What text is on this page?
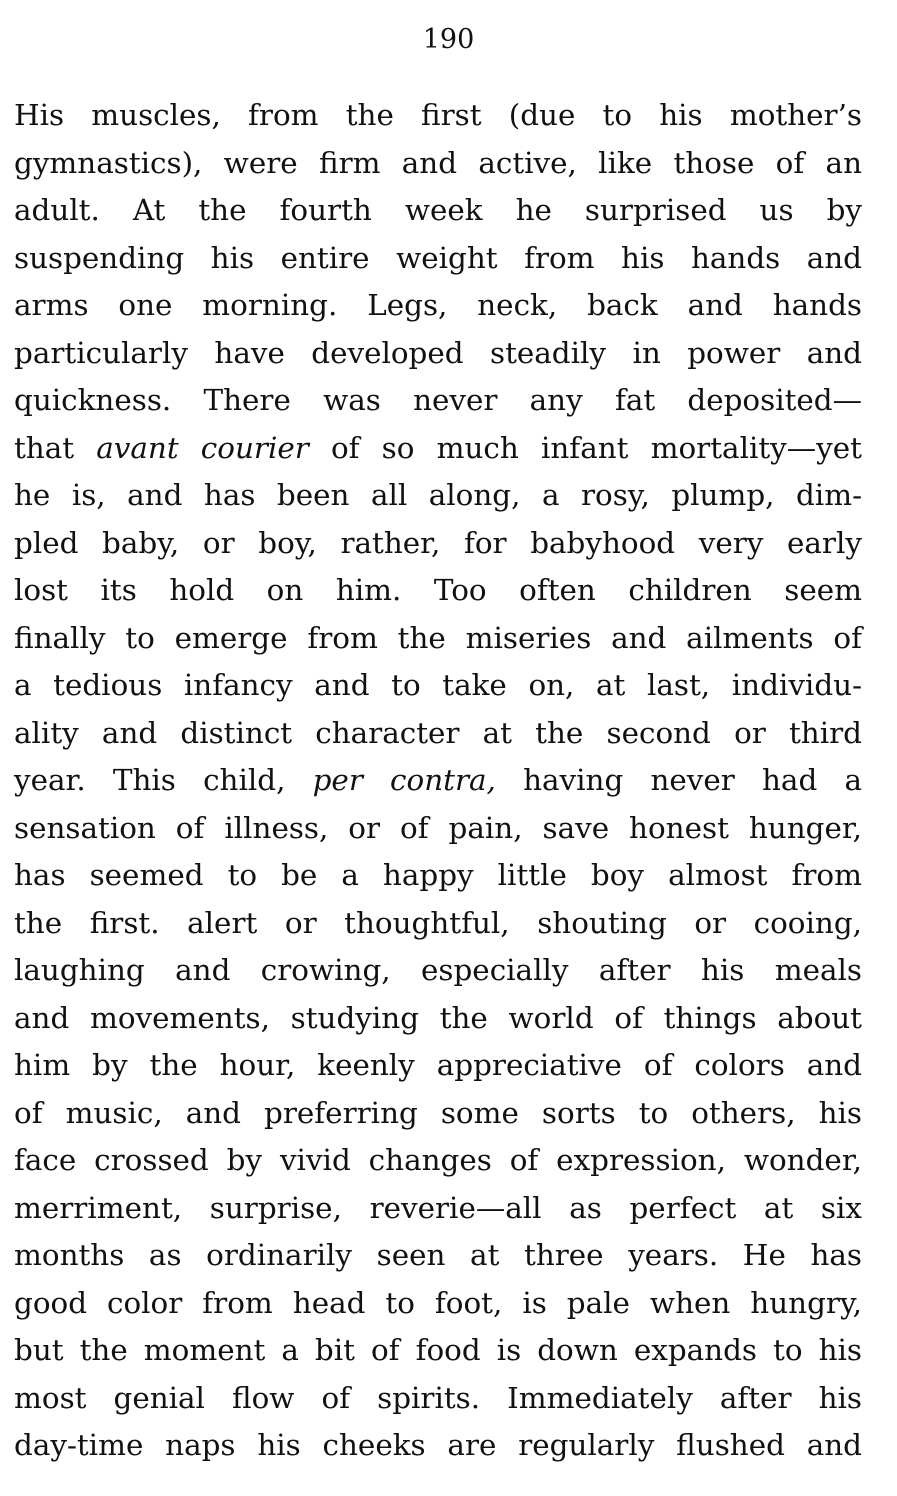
190
His muscles, from the first (due to his mother’s
gymnastics), were firm and active, like those of an
adult. At the fourth week he surprised us by
suspending his entire weight from his hands and
arms one morning. Legs, neck, back and hands
particularly have developed steadily in power and
quickness. There was never any fat deposited—
that avant courier of so much infant mortality—yet
he is, and has been all along, a rosy, plump, dim-
pled baby, or boy, rather, for babyhood very early
lost its hold on him. Too often children seem
finally to emerge from the miseries and ailments of
a tedious infancy and to take on, at last, individu-
ality and distinct character at the second or third
year. This child, per contra, having never had a
sensation of illness, or of pain, save honest hunger,
has seemed to be a happy little boy almost from
the first. alert or thoughtful, shouting or cooing,
laughing and crowing, especially after his meals
and movements, studying the world of things about
him by the hour, keenly appreciative of colors and
of music, and preferring some sorts to others, his
face crossed by vivid changes of expression, wonder,
merriment, surprise, reverie—all as perfect at six
months as ordinarily seen at three years. He has
good color from head to foot, is pale when hungry,
but the moment a bit of food is down expands to his
most genial flow of spirits. Immediately after his
day-time naps his cheeks are regularly flushed and
